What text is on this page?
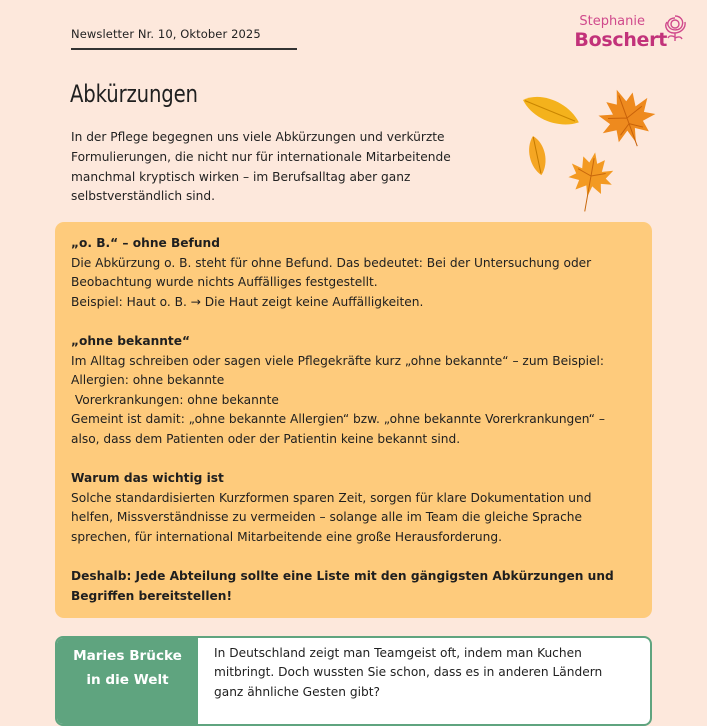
Newsletter Nr. 10, Oktober 2025
Stephanie
Boschert
Abkürzungen
In der Pflege begegnen uns viele Abkürzungen und verkürzte Formulierungen, die nicht nur für internationale Mitarbeitende manchmal kryptisch wirken – im Berufsalltag aber ganz selbstverständlich sind.

„o. B.“ – ohne Befund

Die Abkürzung o. B. steht für ohne Befund. Das bedeutet: Bei der Untersuchung oder

Beobachtung wurde nichts Auffälliges festgestellt.

Beispiel: Haut o. B. → Die Haut zeigt keine Auffälligkeiten.

„ohne bekannte“

Im Alltag schreiben oder sagen viele Pflegekräfte kurz „ohne bekannte“ – zum Beispiel:

Allergien: ohne bekannte

Vorerkrankungen: ohne bekannte

Gemeint ist damit: „ohne bekannte Allergien“ bzw. „ohne bekannte Vorerkrankungen“ –

also, dass dem Patienten oder der Patientin keine bekannt sind.

Warum das wichtig ist

Solche standardisierten Kurzformen sparen Zeit, sorgen für klare Dokumentation und

helfen, Missverständnisse zu vermeiden – solange alle im Team die gleiche Sprache

sprechen, für international Mitarbeitende eine große Herausforderung.

Deshalb: Jede Abteilung sollte eine Liste mit den gängigsten Abkürzungen und

Begriffen bereitstellen!

Maries Brücke
in die Welt
In Deutschland zeigt man Teamgeist oft, indem man Kuchen mitbringt. Doch wussten Sie schon, dass es in anderen Ländern ganz ähnliche Gesten gibt?
